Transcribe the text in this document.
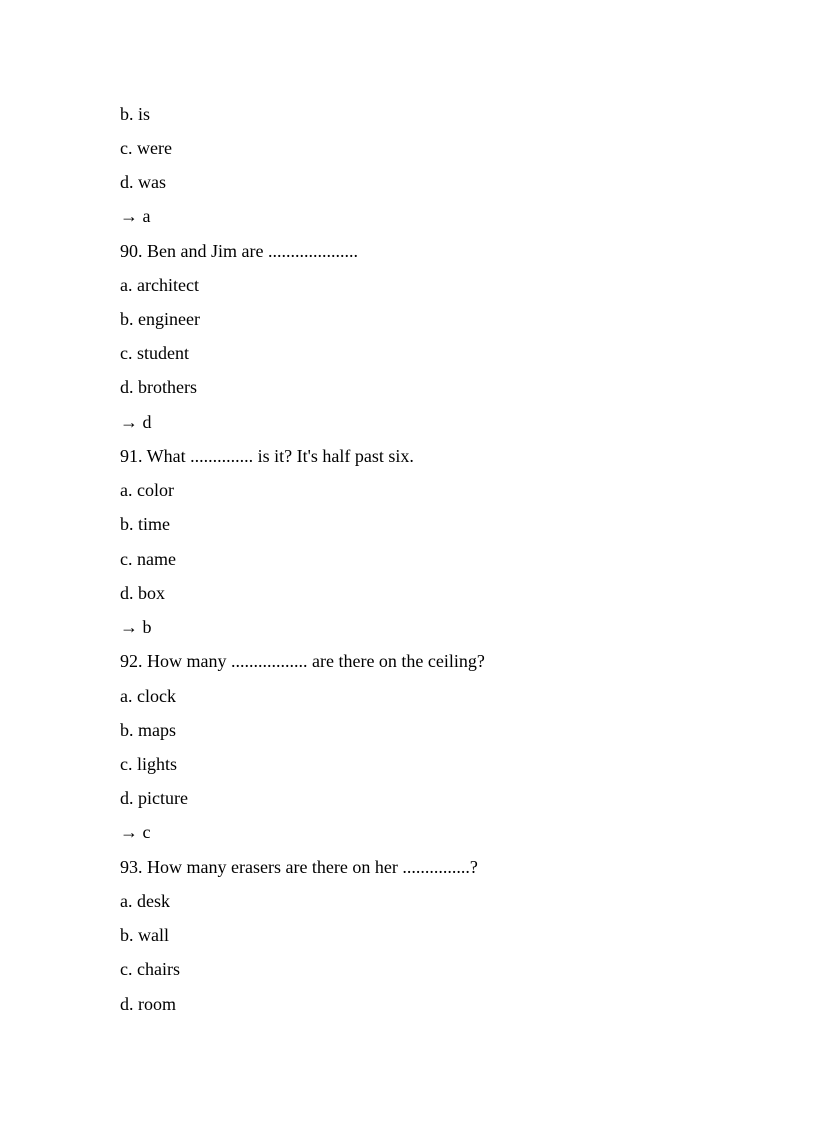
b. is
c. were
d. was
→ a
90. Ben and Jim are ....................
a. architect
b. engineer
c. student
d. brothers
→ d
91. What .............. is it? It's half past six.
a. color
b. time
c. name
d. box
→ b
92. How many ................. are there on the ceiling?
a. clock
b. maps
c. lights
d. picture
→ c
93. How many erasers are there on her ...............?
a. desk
b. wall
c. chairs
d. room
